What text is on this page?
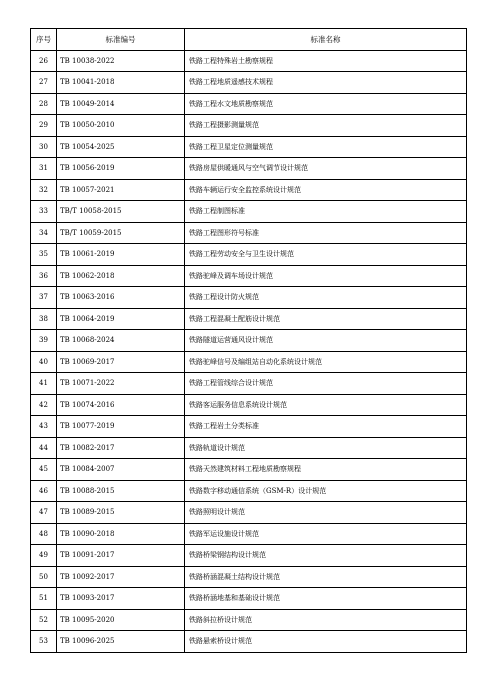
序号	标准编号	标准名称
26	TB 10038-2022	铁路工程特殊岩土勘察规程
27	TB 10041-2018	铁路工程地质遥感技术规程
28	TB 10049-2014	铁路工程水文地质勘察规范
29	TB 10050-2010	铁路工程摄影测量规范
30	TB 10054-2025	铁路工程卫星定位测量规范
31	TB 10056-2019	铁路房屋供暖通风与空气调节设计规范
32	TB 10057-2021	铁路车辆运行安全监控系统设计规范
33	TB/T 10058-2015	铁路工程制图标准
34	TB/T 10059-2015	铁路工程图形符号标准
35	TB 10061-2019	铁路工程劳动安全与卫生设计规范
36	TB 10062-2018	铁路驼峰及调车场设计规范
37	TB 10063-2016	铁路工程设计防火规范
38	TB 10064-2019	铁路工程混凝土配筋设计规范
39	TB 10068-2024	铁路隧道运营通风设计规范
40	TB 10069-2017	铁路驼峰信号及编组站自动化系统设计规范
41	TB 10071-2022	铁路工程管线综合设计规范
42	TB 10074-2016	铁路客运服务信息系统设计规范
43	TB 10077-2019	铁路工程岩土分类标准
44	TB 10082-2017	铁路轨道设计规范
45	TB 10084-2007	铁路天然建筑材料工程地质勘察规程
46	TB 10088-2015	铁路数字移动通信系统（GSM-R）设计规范
47	TB 10089-2015	铁路照明设计规范
48	TB 10090-2018	铁路军运设施设计规范
49	TB 10091-2017	铁路桥梁钢结构设计规范
50	TB 10092-2017	铁路桥涵混凝土结构设计规范
51	TB 10093-2017	铁路桥涵地基和基础设计规范
52	TB 10095-2020	铁路斜拉桥设计规范
53	TB 10096-2025	铁路悬索桥设计规范
